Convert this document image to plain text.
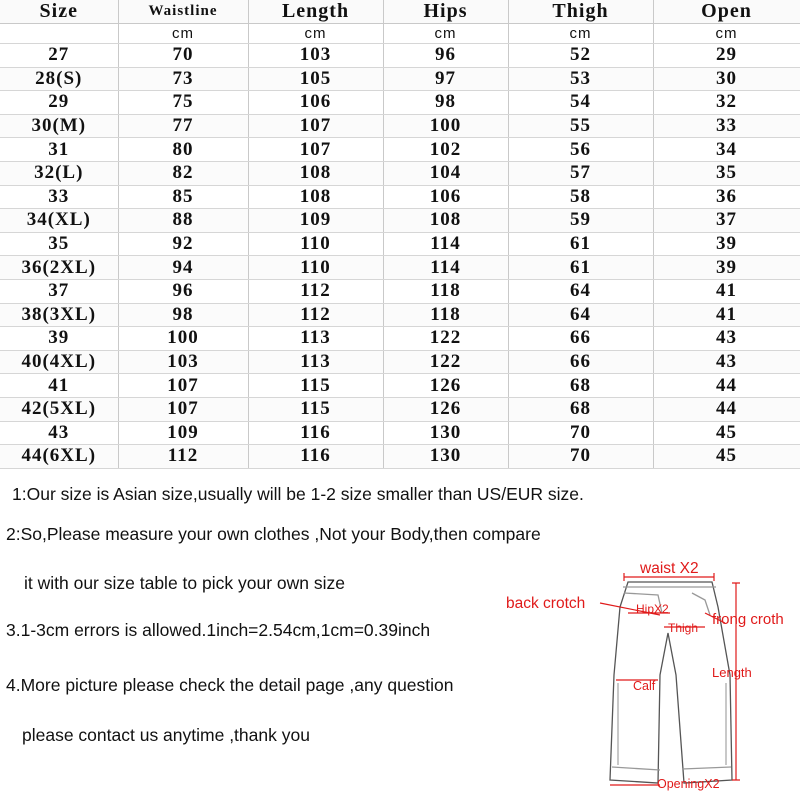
Size	Waistline	Length	Hips	Thigh	Open
	cm	cm	cm	cm	cm
27	70	103	96	52	29
28(S)	73	105	97	53	30
29	75	106	98	54	32
30(M)	77	107	100	55	33
31	80	107	102	56	34
32(L)	82	108	104	57	35
33	85	108	106	58	36
34(XL)	88	109	108	59	37
35	92	110	114	61	39
36(2XL)	94	110	114	61	39
37	96	112	118	64	41
38(3XL)	98	112	118	64	41
39	100	113	122	66	43
40(4XL)	103	113	122	66	43
41	107	115	126	68	44
42(5XL)	107	115	126	68	44
43	109	116	130	70	45
44(6XL)	112	116	130	70	45
1:Our size is Asian size,usually will be 1-2 size smaller than US/EUR size.
2:So,Please measure your own clothes ,Not your Body,then compare
it with our size table to pick your own size
3.1-3cm errors is allowed.1inch=2.54cm,1cm=0.39inch
4.More picture please check the detail page ,any question
please contact us anytime ,thank you
waist X2
back crotch	HipX2
Thigh frong croth
Length
Calf
OpeningX2
